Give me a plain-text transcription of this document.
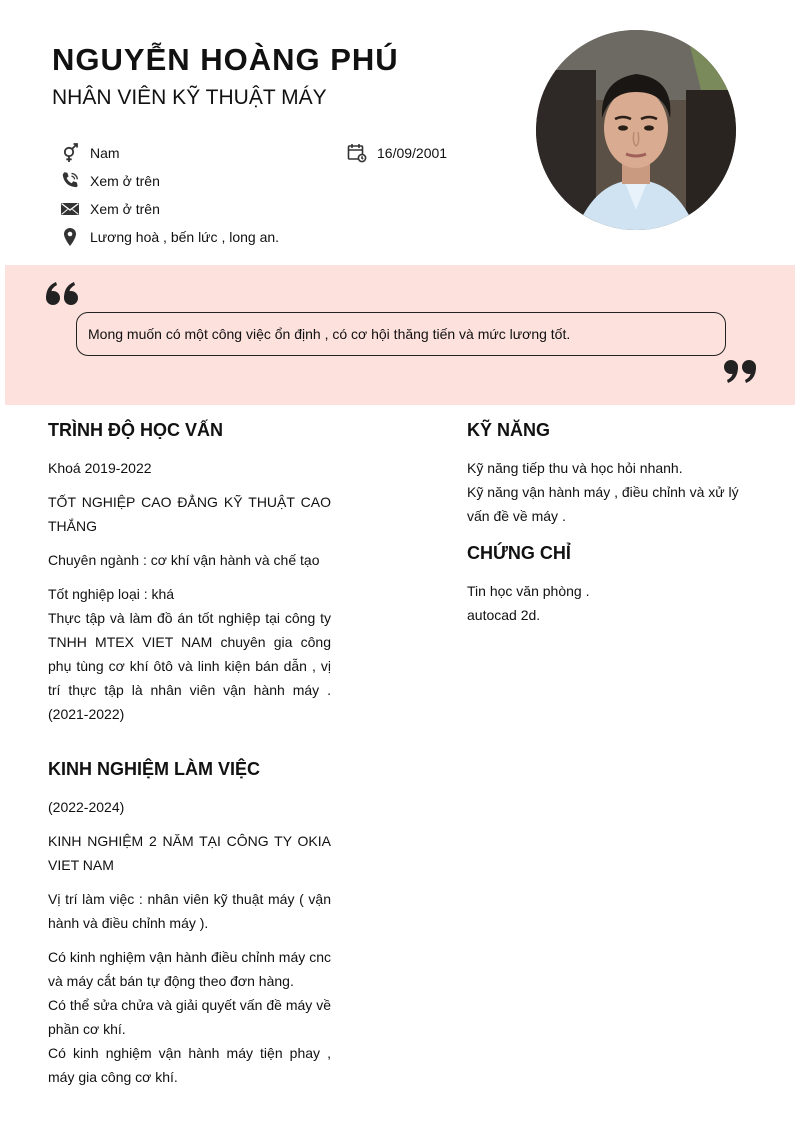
NGUYỄN HOÀNG PHÚ
NHÂN VIÊN KỸ THUẬT MÁY
Nam	16/09/2001
Xem ở trên
Xem ở trên
Lương hoà , bến lức , long an.
Mong muốn có một công việc ổn định , có cơ hội thăng tiến và mức lương tốt.
TRÌNH ĐỘ HỌC VẤN

Khoá 2019-2022

TỐT NGHIỆP CAO ĐẲNG KỸ THUẬT CAO THẮNG

Chuyên ngành : cơ khí vận hành và chế tạo

Tốt nghiệp loại : khá

Thực tập và làm đồ án tốt nghiệp tại công ty TNHH MTEX VIET NAM chuyên gia công phụ tùng cơ khí ôtô và linh kiện bán dẫn , vị trí thực tập là nhân viên vận hành máy .(2021-2022)

KINH NGHIỆM LÀM VIỆC

(2022-2024)

KINH NGHIỆM 2 NĂM TẠI CÔNG TY OKIA VIET NAM

Vị trí làm việc : nhân viên kỹ thuật máy ( vận hành và điều chỉnh máy ).

Có kinh nghiệm vận hành điều chỉnh máy cnc và máy cắt bán tự động theo đơn hàng.

Có thể sửa chửa và giải quyết vấn đề máy về phần cơ khí.

Có kinh nghiệm vận hành máy tiện phay , máy gia công cơ khí.

KỸ NĂNG

Kỹ năng tiếp thu và học hỏi nhanh.

Kỹ năng vận hành máy , điều chỉnh và xử lý vấn đề về máy .

CHỨNG CHỈ

Tin học văn phòng .

autocad 2d.
